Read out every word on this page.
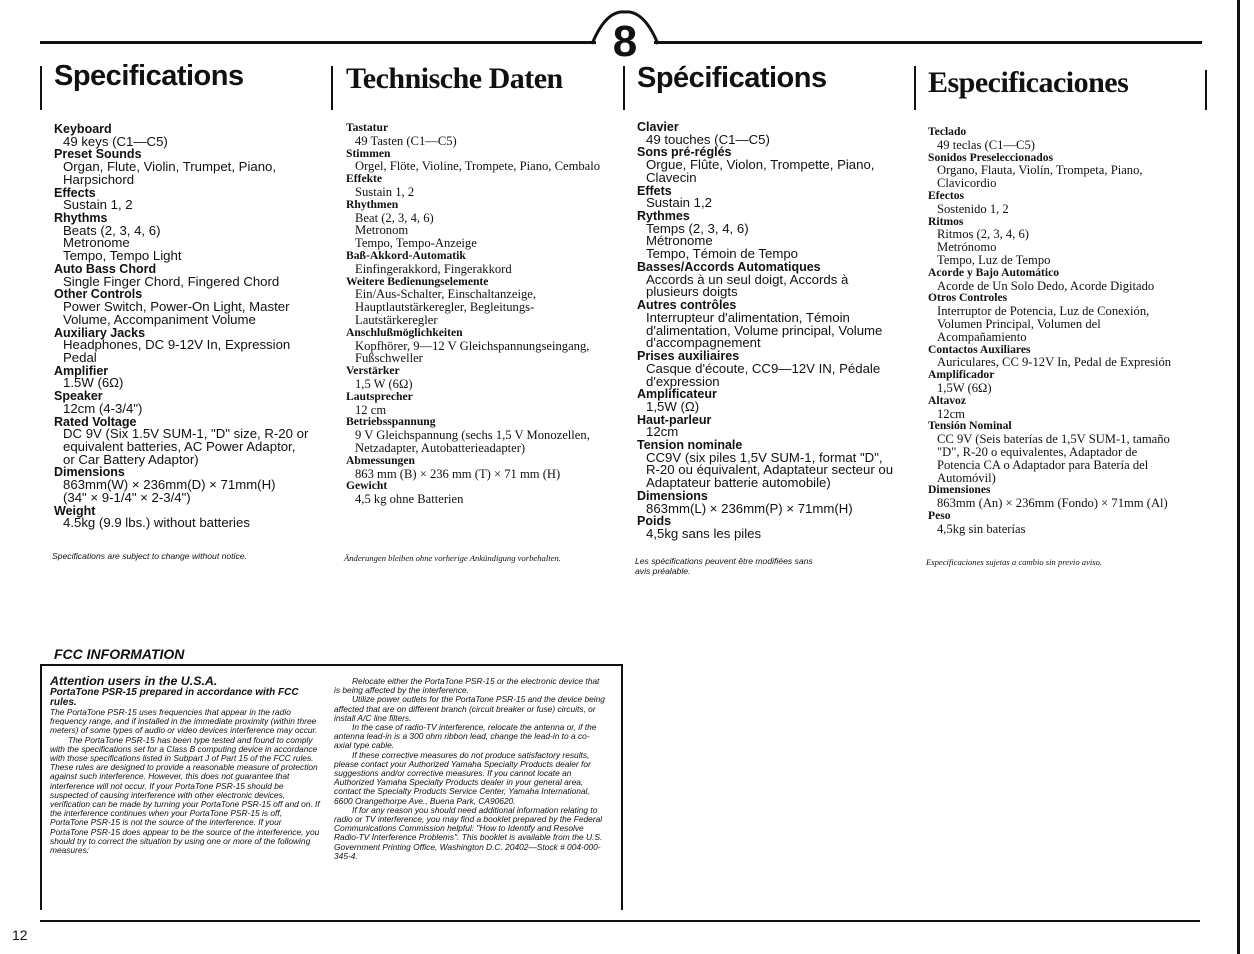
8
Specifications
Keyboard
49 keys (C1—C5)
Preset Sounds
Organ, Flute, Violin, Trumpet, Piano,
Harpsichord
Effects
Sustain 1, 2
Rhythms
Beats (2, 3, 4, 6)
Metronome
Tempo, Tempo Light
Auto Bass Chord
Single Finger Chord, Fingered Chord
Other Controls
Power Switch, Power-On Light, Master
Volume, Accompaniment Volume
Auxiliary Jacks
Headphones, DC 9-12V In, Expression
Pedal
Amplifier
1.5W (6Ω)
Speaker
12cm (4-3/4")
Rated Voltage
DC 9V (Six 1.5V SUM-1, "D" size, R-20 or
equivalent batteries, AC Power Adaptor,
or Car Battery Adaptor)
Dimensions
863mm(W) × 236mm(D) × 71mm(H)
(34" × 9-1/4" × 2-3/4")
Weight
4.5kg (9.9 lbs.) without batteries
Specifications are subject to change without notice.
Technische Daten
Tastatur
49 Tasten (C1—C5)
Stimmen
Orgel, Flöte, Violine, Trompete, Piano, Cembalo
Effekte
Sustain 1, 2
Rhythmen
Beat (2, 3, 4, 6)
Metronom
Tempo, Tempo-Anzeige
Baß-Akkord-Automatik
Einfingerakkord, Fingerakkord
Weitere Bedienungselemente
Ein/Aus-Schalter, Einschaltanzeige,
Hauptlautstärkeregler, Begleitungs-
Lautstärkeregler
Anschlußmöglichkeiten
Kopfhörer, 9—12 V Gleichspannungseingang,
Fußschweller
Verstärker
1,5 W (6Ω)
Lautsprecher
12 cm
Betriebsspannung
9 V Gleichspannung (sechs 1,5 V Monozellen,
Netzadapter, Autobatterieadapter)
Abmessungen
863 mm (B) × 236 mm (T) × 71 mm (H)
Gewicht
4,5 kg ohne Batterien
Änderungen bleiben ohne vorherige Ankündigung vorbehalten.
Spécifications
Clavier
49 touches (C1—C5)
Sons pré-réglés
Orgue, Flûte, Violon, Trompette, Piano,
Clavecin
Effets
Sustain 1,2
Rythmes
Temps (2, 3, 4, 6)
Métronome
Tempo, Témoin de Tempo
Basses/Accords Automatiques
Accords à un seul doigt, Accords à
plusieurs doigts
Autres contrôles
Interrupteur d'alimentation, Témoin
d'alimentation, Volume principal, Volume
d'accompagnement
Prises auxiliaires
Casque d'écoute, CC9—12V IN, Pédale
d'expression
Amplificateur
1,5W (Ω)
Haut-parleur
12cm
Tension nominale
CC9V (six piles 1,5V SUM-1, format "D",
R-20 ou équivalent, Adaptateur secteur ou
Adaptateur batterie automobile)
Dimensions
863mm(L) × 236mm(P) × 71mm(H)
Poids
4,5kg sans les piles
Les spécifications peuvent être modifiées sans
avis préalable.
Especificaciones
Teclado
49 teclas (C1—C5)
Sonidos Preseleccionados
Organo, Flauta, Violín, Trompeta, Piano,
Clavicordio
Efectos
Sostenido 1, 2
Ritmos
Ritmos (2, 3, 4, 6)
Metrónomo
Tempo, Luz de Tempo
Acorde y Bajo Automático
Acorde de Un Solo Dedo, Acorde Digitado
Otros Controles
Interruptor de Potencia, Luz de Conexión,
Volumen Principal, Volumen del
Acompañamiento
Contactos Auxiliares
Auriculares, CC 9-12V In, Pedal de Expresión
Amplificador
1,5W (6Ω)
Altavoz
12cm
Tensión Nominal
CC 9V (Seis baterías de 1,5V SUM-1, tamaño
"D", R-20 o equivalentes, Adaptador de
Potencia CA o Adaptador para Batería del
Automóvil)
Dimensiones
863mm (An) × 236mm (Fondo) × 71mm (Al)
Peso
4,5kg sin baterías
Especificaciones sujetas a cambio sin previo aviso.
FCC INFORMATION

Attention users in the U.S.A.

PortaTone PSR-15 prepared in accordance with FCC rules.

The PortaTone PSR-15 uses frequencies that appear in the radio frequency range, and if installed in the immediate proximity (within three meters) of some types of audio or video devices interference may occur.

The PortaTone PSR-15 has been type tested and found to comply with the specifications set for a Class B computing device in accordance with those specifications listed in Subpart J of Part 15 of the FCC rules. These rules are designed to provide a reasonable measure of protection against such interference. However, this does not guarantee that interference will not occur. If your PortaTone PSR-15 should be suspected of causing interference with other electronic devices, verification can be made by turning your PortaTone PSR-15 off and on. If the interference continues when your PortaTone PSR-15 is off, PortaTone PSR-15 is not the source of the interference. If your PortaTone PSR-15 does appear to be the source of the interference, you should try to correct the situation by using one or more of the following measures:

Relocate either the PortaTone PSR-15 or the electronic device that is being affected by the interference.

Utilize power outlets for the PortaTone PSR-15 and the device being affected that are on different branch (circuit breaker or fuse) circuits, or install A/C line filters.

In the case of radio-TV interference, relocate the antenna or, if the antenna lead-in is a 300 ohm ribbon lead, change the lead-in to a co-axial type cable.

If these corrective measures do not produce satisfactory results, please contact your Authorized Yamaha Specialty Products dealer for suggestions and/or corrective measures. If you cannot locate an Authorized Yamaha Specialty Products dealer in your general area, contact the Specialty Products Service Center, Yamaha International, 6600 Orangethorpe Ave., Buena Park, CA90620.

If for any reason you should need additional information relating to radio or TV interference, you may find a booklet prepared by the Federal Communications Commission helpful: "How to Identify and Resolve Radio-TV Interference Problems". This booklet is available from the U.S. Government Printing Office, Washington D.C. 20402—Stock # 004-000-345-4.

12
